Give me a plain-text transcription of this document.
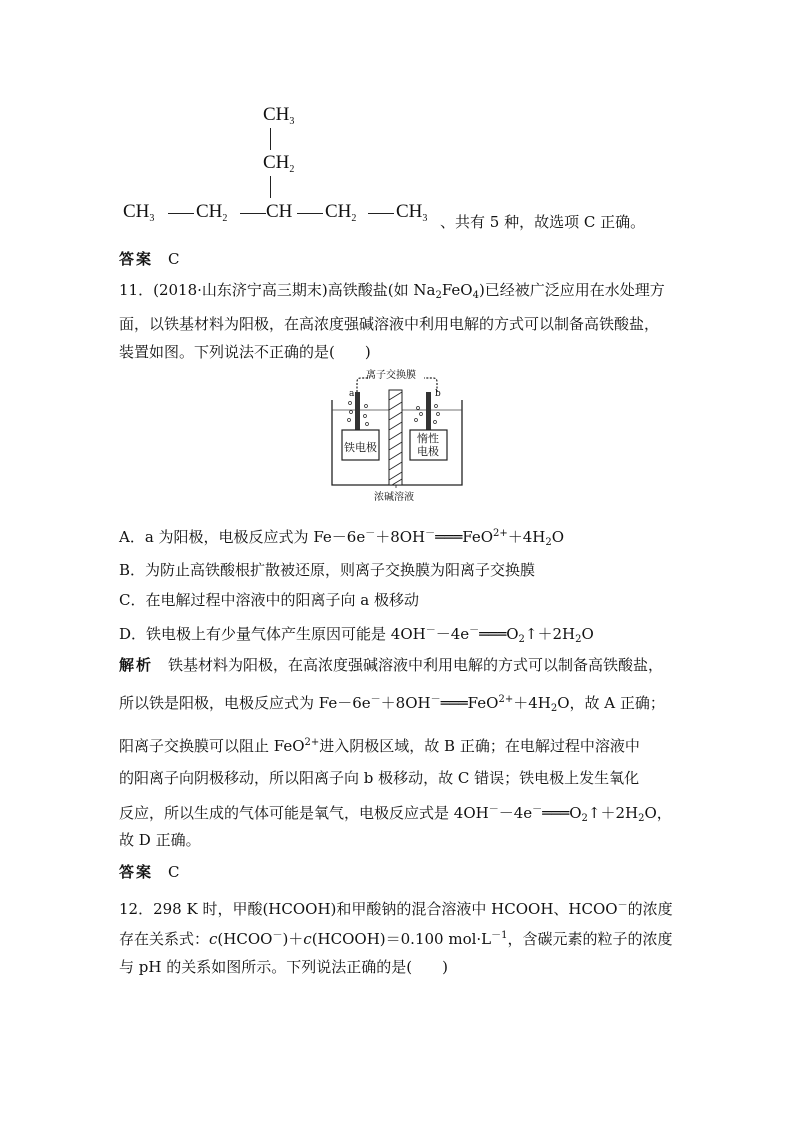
$CH_3$
$CH_2$
$CH_3$ $CH_2$ CH $CH_2$ $CH_3$ 、共有 5 种，故选项 C 正确。
答案　 C
11．(2018·山东济宁高三期末)高铁酸盐(如 $Na_2FeO_4$)已经被广泛应用在水处理方
面，以铁基材料为阳极，在高浓度强碱溶液中利用电解的方式可以制备高铁酸盐，
装置如图。下列说法不正确的是(　　)
离子交换膜
a	b
铁电极
惰性
电极
浓碱溶液
A．a 为阳极，电极反应式为 $Fe-6e^-+8OH^-═══FeO^{2+}+4H_2O$
B．为防止高铁酸根扩散被还原，则离子交换膜为阳离子交换膜
C．在电解过程中溶液中的阳离子向 a 极移动
D．铁电极上有少量气体产生原因可能是 $4OH^--4e^-═══O_2↑+2H_2O$
解析　铁基材料为阳极，在高浓度强碱溶液中利用电解的方式可以制备高铁酸盐，
所以铁是阳极，电极反应式为 $Fe-6e^-+8OH^-═══FeO^{2+}+4H_2O$，故 A 正确；
阳离子交换膜可以阻止 FeO$^{2+}$进入阴极区域，故 B 正确；在电解过程中溶液中
的阳离子向阴极移动，所以阳离子向 b 极移动，故 C 错误；铁电极上发生氧化
反应，所以生成的气体可能是氧气，电极反应式是 $4OH^--4e^-═══O_2↑+2H_2O$，
故 D 正确。
答案　 C
12．298 K 时，甲酸(HCOOH)和甲酸钠的混合溶液中 HCOOH、HCOO－的浓度
存在关系式：c(HCOO－)＋c(HCOOH)＝0.100 $mol\cdot L^{-1}$，含碳元素的粒子的浓度
与 pH 的关系如图所示。下列说法正确的是(　　)
